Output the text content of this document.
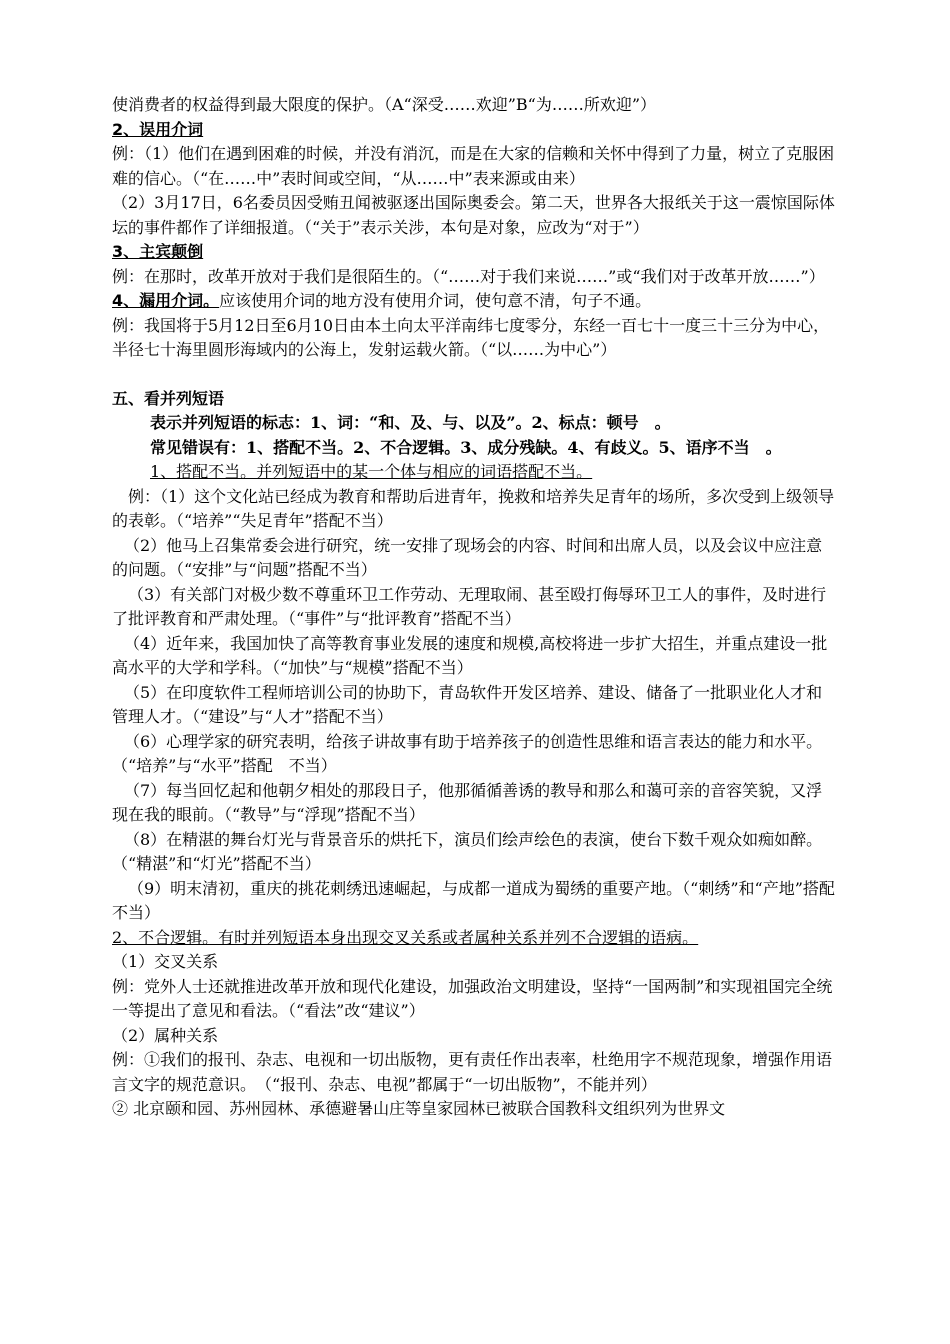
使消费者的权益得到最大限度的保护。（A“深受……欢迎”B“为……所欢迎”）

2、误用介词

例：（1）他们在遇到困难的时候，并没有消沉，而是在大家的信赖和关怀中得到了力量，树立了克服困难的信心。（“在……中”表时间或空间，“从……中”表来源或由来）

（2）3月17日，6名委员因受贿丑闻被驱逐出国际奥委会。第二天，世界各大报纸关于这一震惊国际体坛的事件都作了详细报道。（“关于”表示关涉，本句是对象，应改为“对于”）

3、主宾颠倒

例：在那时，改革开放对于我们是很陌生的。（“……对于我们来说……”或“我们对于改革开放……”）

4、漏用介词。应该使用介词的地方没有使用介词，使句意不清，句子不通。

例：我国将于5月12日至6月10日由本土向太平洋南纬七度零分，东经一百七十一度三十三分为中心，半径七十海里圆形海域内的公海上，发射运载火箭。（“以……为中心”）

五、看并列短语

表示并列短语的标志：1、词：“和、及、与、以及”。2、标点：顿号　。

常见错误有：1、搭配不当。2、不合逻辑。3、成分残缺。4、有歧义。5、语序不当　。

1、搭配不当。并列短语中的某一个体与相应的词语搭配不当。

例：（1）这个文化站已经成为教育和帮助后进青年，挽救和培养失足青年的场所，多次受到上级领导的表彰。（“培养”“失足青年”搭配不当）

（2）他马上召集常委会进行研究，统一安排了现场会的内容、时间和出席人员，以及会议中应注意的问题。（“安排”与“问题”搭配不当）

（3）有关部门对极少数不尊重环卫工作劳动、无理取闹、甚至殴打侮辱环卫工人的事件，及时进行了批评教育和严肃处理。（“事件”与“批评教育”搭配不当）

（4）近年来，我国加快了高等教育事业发展的速度和规模,高校将进一步扩大招生，并重点建设一批高水平的大学和学科。（“加快”与“规模”搭配不当）

（5）在印度软件工程师培训公司的协助下，青岛软件开发区培养、建设、储备了一批职业化人才和管理人才。（“建设”与“人才”搭配不当）

（6）心理学家的研究表明，给孩子讲故事有助于培养孩子的创造性思维和语言表达的能力和水平。（“培养”与“水平”搭配　不当）

（7）每当回忆起和他朝夕相处的那段日子，他那循循善诱的教导和那么和蔼可亲的音容笑貌，又浮现在我的眼前。（“教导”与“浮现”搭配不当）

（8）在精湛的舞台灯光与背景音乐的烘托下，演员们绘声绘色的表演，使台下数千观众如痴如醉。（“精湛”和“灯光”搭配不当）

（9）明末清初，重庆的挑花刺绣迅速崛起，与成都一道成为蜀绣的重要产地。（“刺绣”和“产地”搭配不当）

2、不合逻辑。有时并列短语本身出现交叉关系或者属种关系并列不合逻辑的语病。

（1）交叉关系

例：党外人士还就推进改革开放和现代化建设，加强政治文明建设，坚持“一国两制”和实现祖国完全统一等提出了意见和看法。（“看法”改“建议”）

（2）属种关系

例：①我们的报刊、杂志、电视和一切出版物，更有责任作出表率，杜绝用字不规范现象，增强作用语言文字的规范意识。　（“报刊、杂志、电视”都属于“一切出版物”，不能并列）

② 北京颐和园、苏州园林、承德避暑山庄等皇家园林已被联合国教科文组织列为世界文
